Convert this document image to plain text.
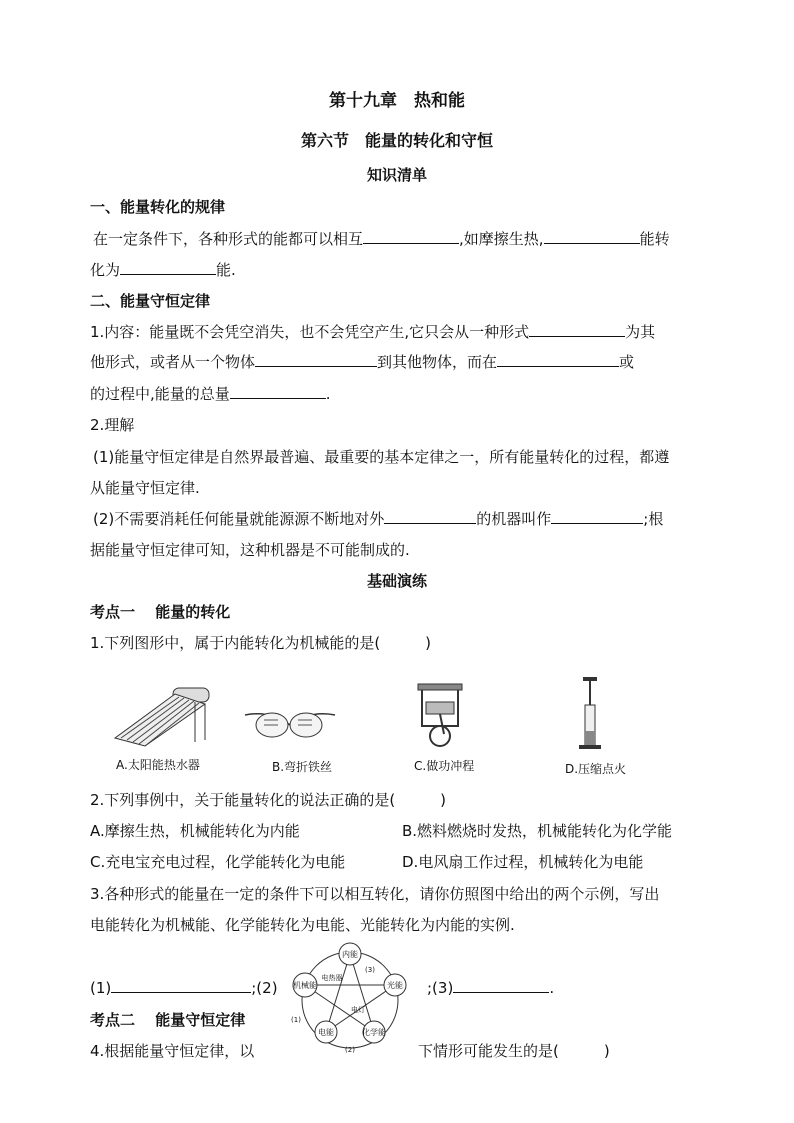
第十九章　热和能
第六节　能量的转化和守恒
知识清单
一、能量转化的规律
在一定条件下，各种形式的能都可以相互	,如摩擦生热,	能转
化为	能.
二、能量守恒定律
1.内容：能量既不会凭空消失，也不会凭空产生,它只会从一种形式	为其
他形式，或者从一个物体	到其他物体，而在	或
的过程中,能量的总量	.
2.理解
(1)能量守恒定律是自然界最普遍、最重要的基本定律之一，所有能量转化的过程，都遵
从能量守恒定律.
(2)不需要消耗任何能量就能源源不断地对外	的机器叫作	;根
据能量守恒定律可知，这种机器是不可能制成的.
基础演练
考点一　 能量的转化
1.下列图形中，属于内能转化为机械能的是(　　　)
A.太阳能热水器	B.弯折铁丝	C.做功冲程	D.压缩点火
2.下列事例中，关于能量转化的说法正确的是(　　　)
A.摩擦生热，机械能转化为内能	B.燃料燃烧时发热，机械能转化为化学能
C.充电宝充电过程，化学能转化为电能	D.电风扇工作过程，机械转化为电能
3.各种形式的能量在一定的条件下可以相互转化，请你仿照图中给出的两个示例，写出
电能转化为机械能、化学能转化为电能、光能转化为内能的实例.
(1)	;(2)	;(3)	.
内能
光能
化学能
电能
机械能
电热器
电灯
(3)
(1)
(2)
考点二　 能量守恒定律
4.根据能量守恒定律，以	下情形可能发生的是(　　　)
